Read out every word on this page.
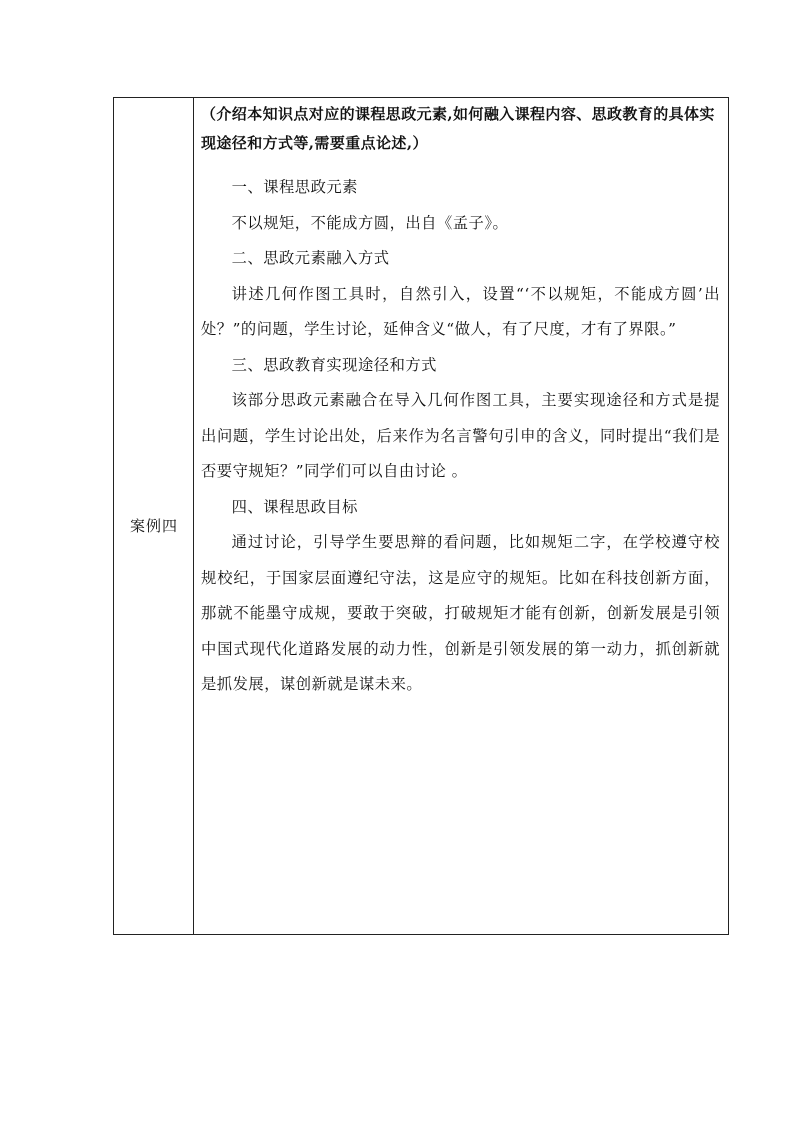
案例四

（介绍本知识点对应的课程思政元素,如何融入课程内容、思政教育的具体实现途径和方式等,需要重点论述,）

一、课程思政元素

不以规矩，不能成方圆，出自《孟子》。

二、思政元素融入方式

讲述几何作图工具时，自然引入，设置“‘不以规矩，不能成方圆’出处？”的问题，学生讨论，延伸含义“做人，有了尺度，才有了界限。”

三、思政教育实现途径和方式

该部分思政元素融合在导入几何作图工具，主要实现途径和方式是提出问题，学生讨论出处，后来作为名言警句引申的含义，同时提出“我们是否要守规矩？”同学们可以自由讨论 。

四、课程思政目标

通过讨论，引导学生要思辩的看问题，比如规矩二字，在学校遵守校规校纪，于国家层面遵纪守法，这是应守的规矩。比如在科技创新方面，那就不能墨守成规，要敢于突破，打破规矩才能有创新，创新发展是引领中国式现代化道路发展的动力性，创新是引领发展的第一动力，抓创新就是抓发展，谋创新就是谋未来。
